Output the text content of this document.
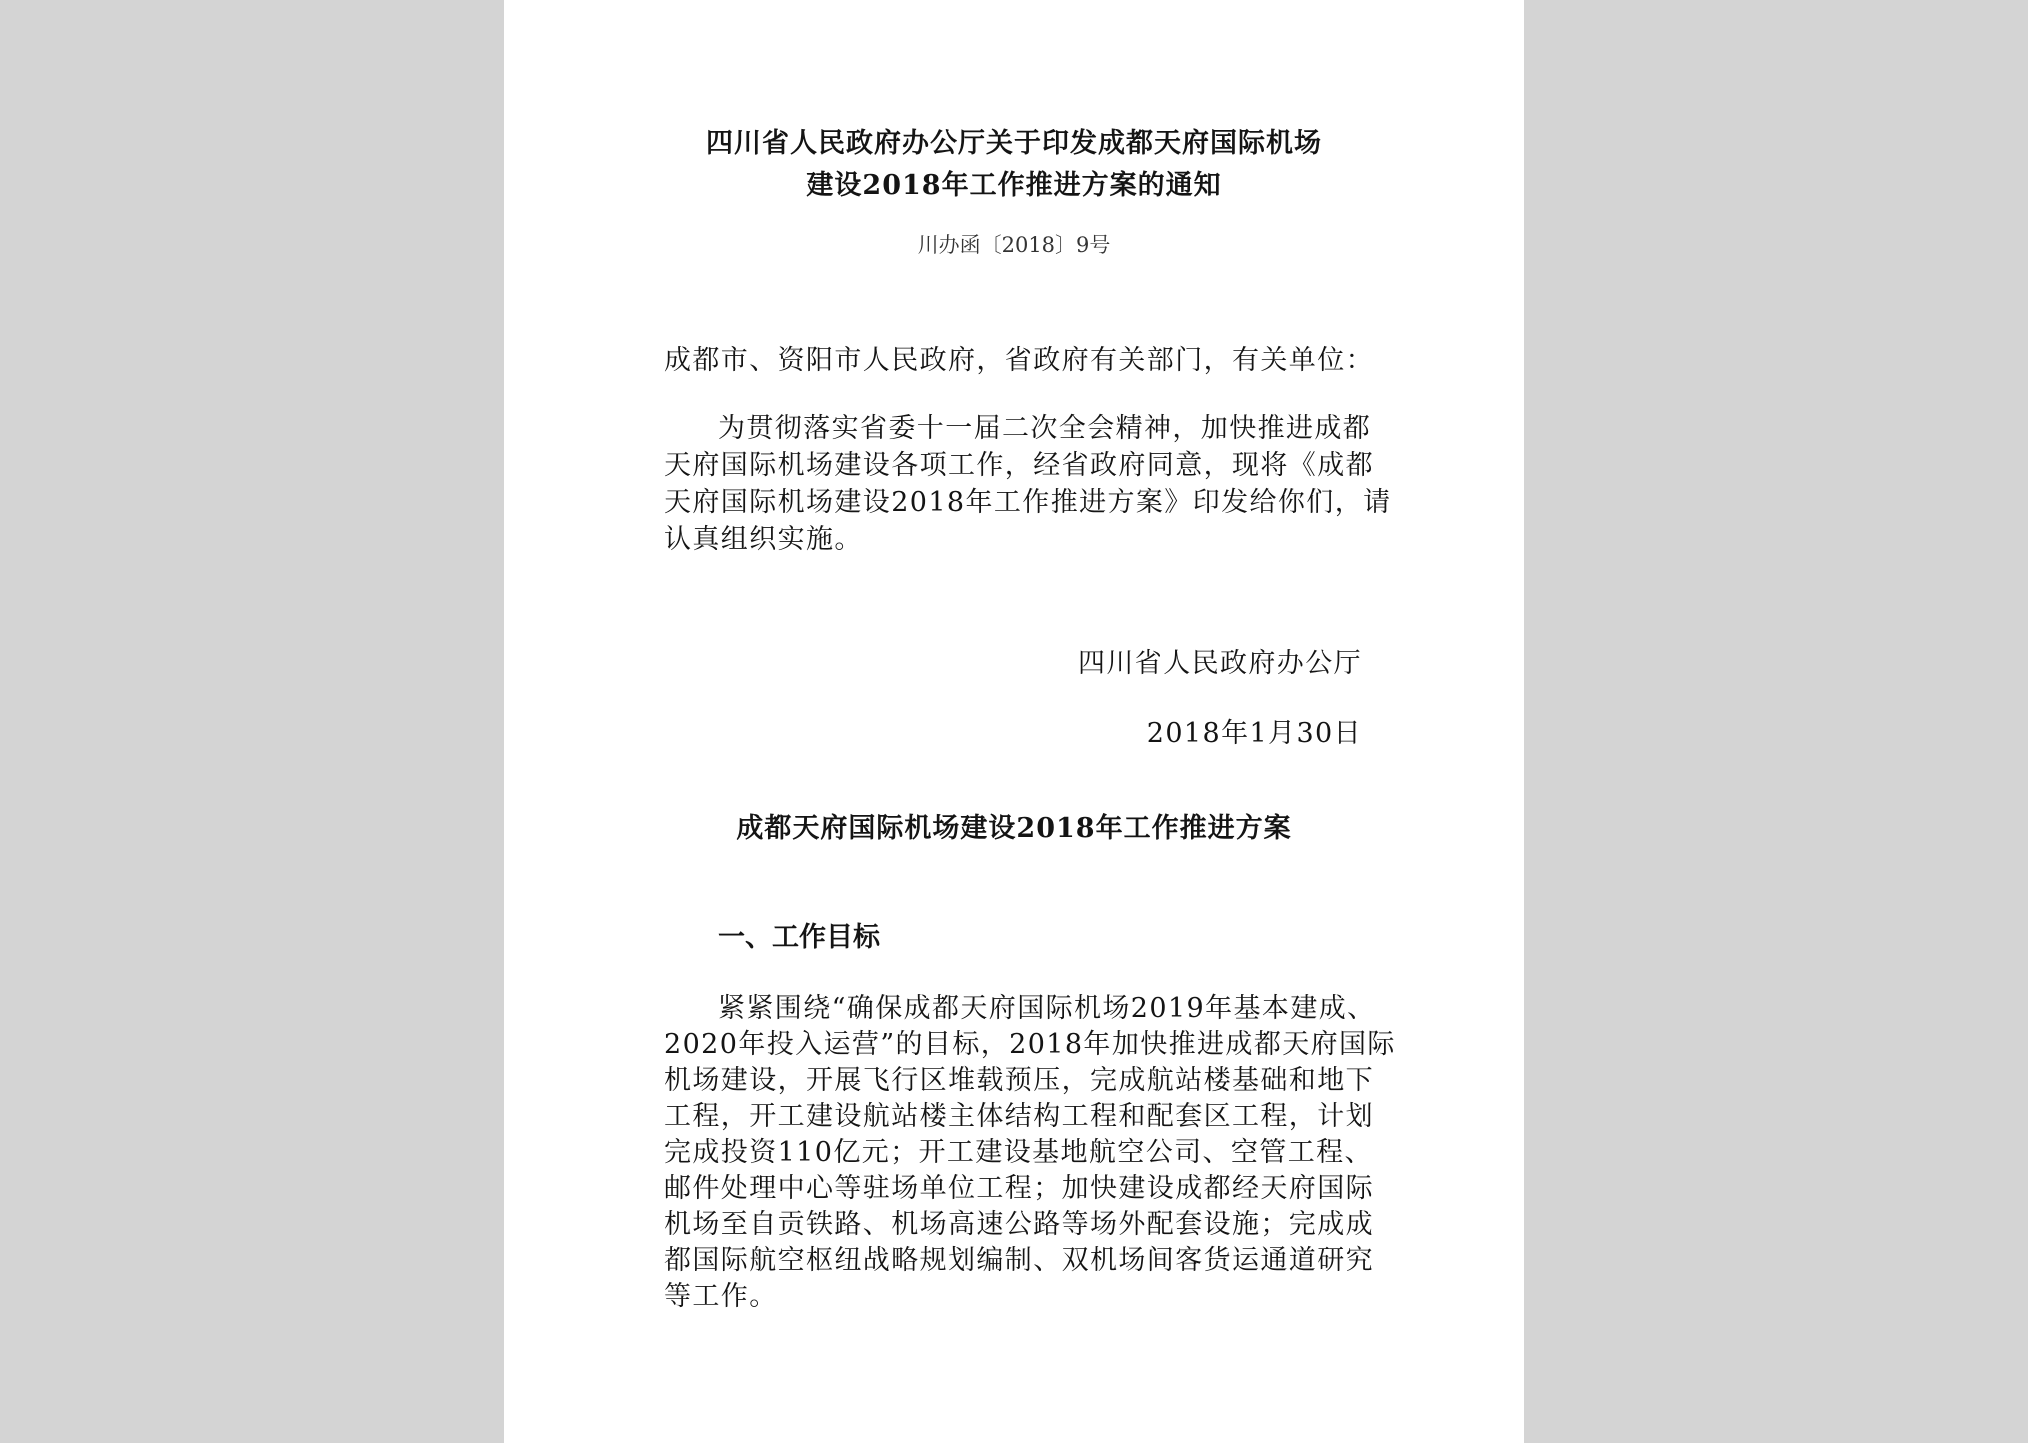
四川省人民政府办公厅关于印发成都天府国际机场

建设2018年工作推进方案的通知

川办函〔2018〕9号

成都市、资阳市人民政府，省政府有关部门，有关单位：

为贯彻落实省委十一届二次全会精神，加快推进成都

天府国际机场建设各项工作，经省政府同意，现将《成都

天府国际机场建设2018年工作推进方案》印发给你们，请

认真组织实施。

四川省人民政府办公厅

2018年1月30日

成都天府国际机场建设2018年工作推进方案

一、工作目标

紧紧围绕“确保成都天府国际机场2019年基本建成、

2020年投入运营”的目标，2018年加快推进成都天府国际

机场建设，开展飞行区堆载预压，完成航站楼基础和地下

工程，开工建设航站楼主体结构工程和配套区工程，计划

完成投资110亿元；开工建设基地航空公司、空管工程、

邮件处理中心等驻场单位工程；加快建设成都经天府国际

机场至自贡铁路、机场高速公路等场外配套设施；完成成

都国际航空枢纽战略规划编制、双机场间客货运通道研究

等工作。
